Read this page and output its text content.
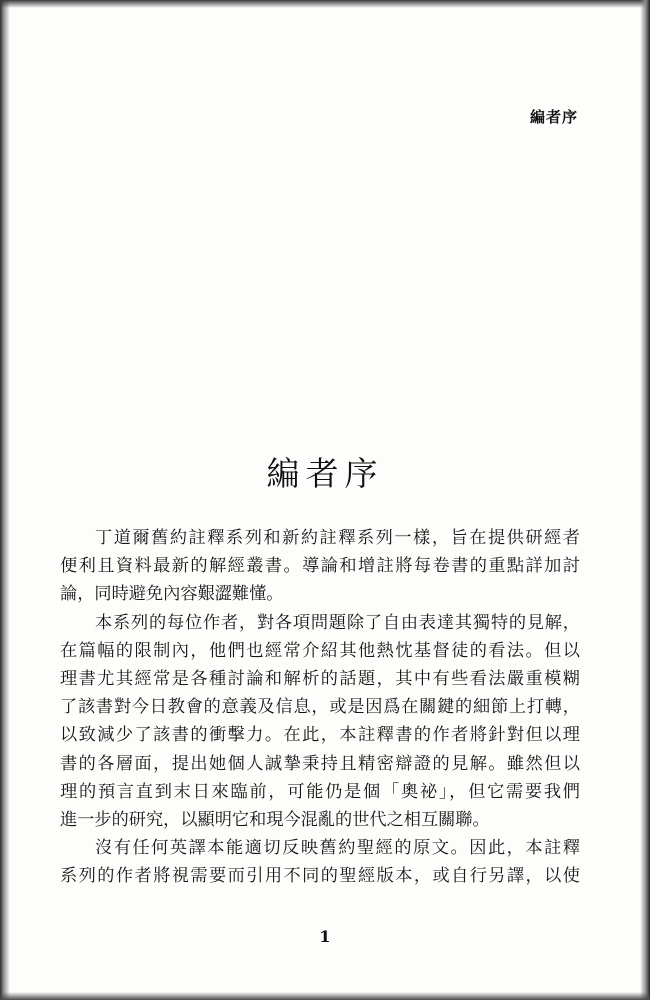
編者序
編者序
丁道爾舊約註釋系列和新約註釋系列一樣，旨在提供研經者
便利且資料最新的解經叢書。導論和增註將每卷書的重點詳加討
論，同時避免內容艱澀難懂。
本系列的每位作者，對各項問題除了自由表達其獨特的見解，
在篇幅的限制內，他們也經常介紹其他熱忱基督徒的看法。但以
理書尤其經常是各種討論和解析的話題，其中有些看法嚴重模糊
了該書對今日教會的意義及信息，或是因爲在關鍵的細節上打轉，
以致減少了該書的衝擊力。在此，本註釋書的作者將針對但以理
書的各層面，提出她個人誠摯秉持且精密辯證的見解。雖然但以
理的預言直到末日來臨前，可能仍是個「奧祕」，但它需要我們
進一步的研究，以顯明它和現今混亂的世代之相互關聯。
沒有任何英譯本能適切反映舊約聖經的原文。因此，本註釋
系列的作者將視需要而引用不同的聖經版本，或自行另譯，以使
1
